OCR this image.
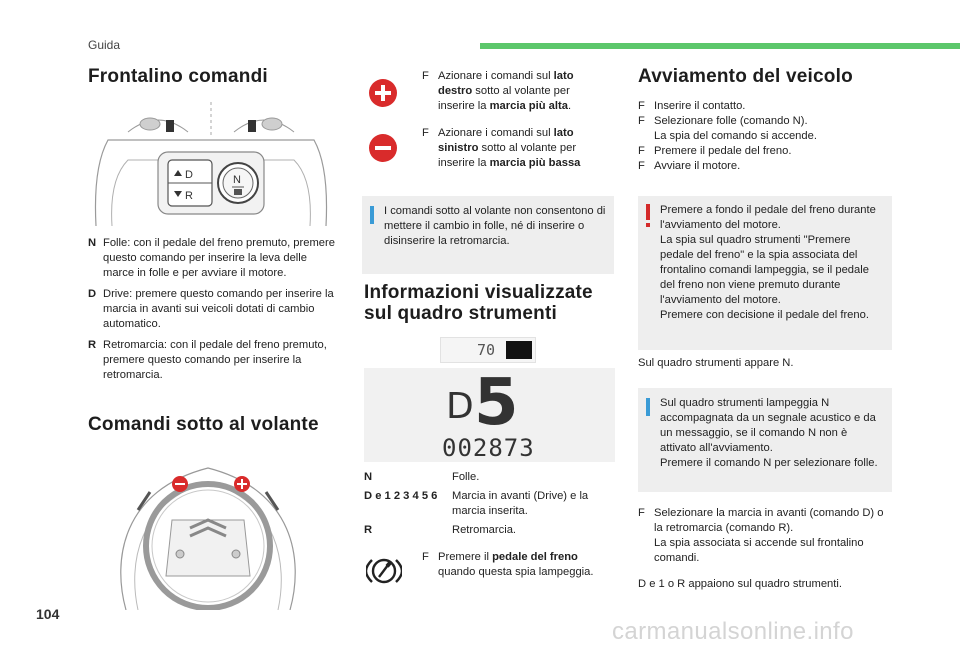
Guida
Frontalino comandi
D
R
N
N Folle: con il pedale del freno premuto, premere questo comando per inserire la leva delle marce in folle e per avviare il motore.
D Drive: premere questo comando per inserire la marcia in avanti sui veicoli dotati di cambio automatico.
R Retromarcia: con il pedale del freno premuto, premere questo comando per inserire la retromarcia.
Comandi sotto al volante
F Azionare i comandi sul lato destro sotto al volante per inserire la marcia più alta.
F Azionare i comandi sul lato sinistro sotto al volante per inserire la marcia più bassa
I comandi sotto al volante non consentono di mettere il cambio in folle, né di inserire o disinserire la retromarcia.
Informazioni visualizzate sul quadro strumenti
70
D 5
002873
N	Folle.
D e 1 2 3 4 5 6	Marcia in avanti (Drive) e la marcia inserita.
R	Retromarcia.
F Premere il pedale del freno quando questa spia lampeggia.
Avviamento del veicolo
F Inserire il contatto.
F Selezionare folle (comando N).
La spia del comando si accende.
F Premere il pedale del freno.
F Avviare il motore.
Premere a fondo il pedale del freno durante l'avviamento del motore.
La spia sul quadro strumenti "Premere pedale del freno" e la spia associata del frontalino comandi lampeggia, se il pedale del freno non viene premuto durante l'avviamento del motore.
Premere con decisione il pedale del freno.
Sul quadro strumenti appare N.
Sul quadro strumenti lampeggia N accompagnata da un segnale acustico e da un messaggio, se il comando N non è attivato all'avviamento.
Premere il comando N per selezionare folle.
F Selezionare la marcia in avanti (comando D) o la retromarcia (comando R).
La spia associata si accende sul frontalino comandi.
D e 1 o R appaiono sul quadro strumenti.
104
carmanualsonline.info
